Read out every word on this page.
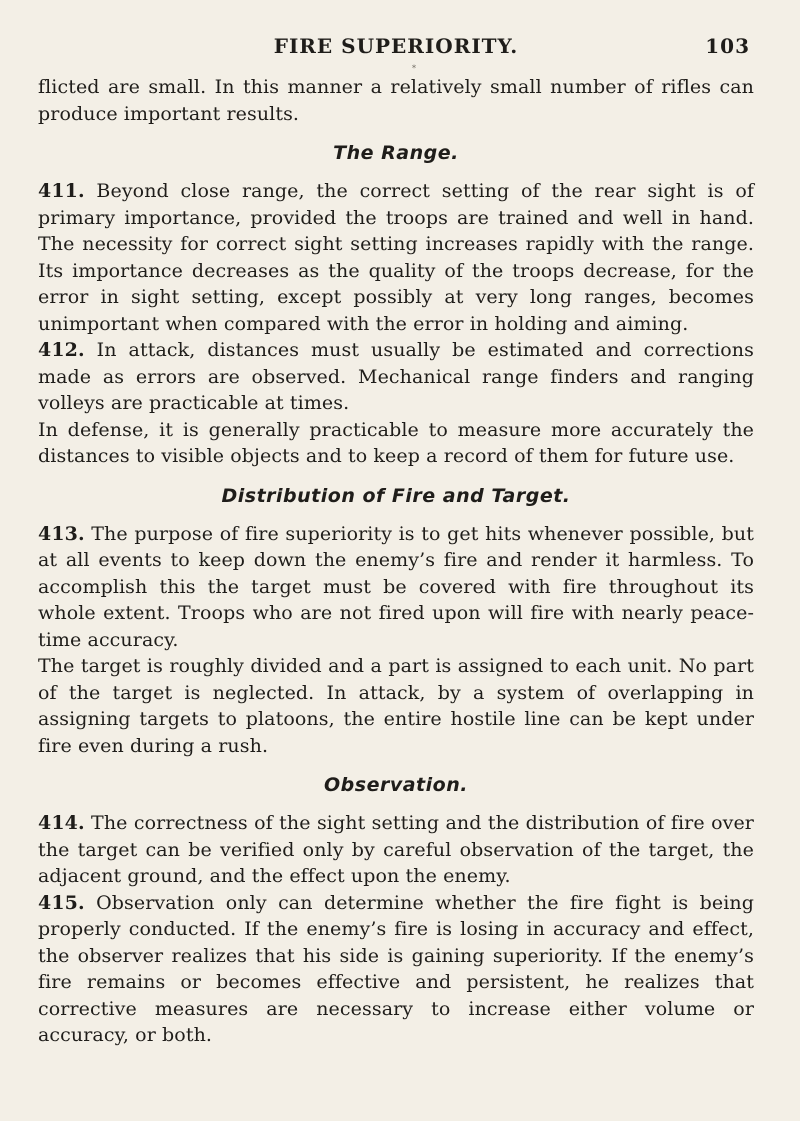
FIRE SUPERIORITY.	103
*

flicted are small. In this manner a relatively small number of rifles can produce important results.

The Range.

411. Beyond close range, the correct setting of the rear sight is of primary importance, provided the troops are trained and well in hand. The necessity for correct sight setting increases rapidly with the range. Its importance decreases as the quality of the troops decrease, for the error in sight setting, except possibly at very long ranges, becomes unimportant when compared with the error in holding and aiming.

412. In attack, distances must usually be estimated and corrections made as errors are observed. Mechanical range finders and ranging volleys are practicable at times.

In defense, it is generally practicable to measure more accurately the distances to visible objects and to keep a record of them for future use.

Distribution of Fire and Target.

413. The purpose of fire superiority is to get hits whenever possible, but at all events to keep down the enemy’s fire and render it harmless. To accomplish this the target must be covered with fire throughout its whole extent. Troops who are not fired upon will fire with nearly peace-time accuracy.

The target is roughly divided and a part is assigned to each unit. No part of the target is neglected. In attack, by a system of overlapping in assigning targets to platoons, the entire hostile line can be kept under fire even during a rush.

Observation.

414. The correctness of the sight setting and the distribution of fire over the target can be verified only by careful observation of the target, the adjacent ground, and the effect upon the enemy.

415. Observation only can determine whether the fire fight is being properly conducted. If the enemy’s fire is losing in accuracy and effect, the observer realizes that his side is gaining superiority. If the enemy’s fire remains or becomes effective and persistent, he realizes that corrective measures are necessary to increase either volume or accuracy, or both.
